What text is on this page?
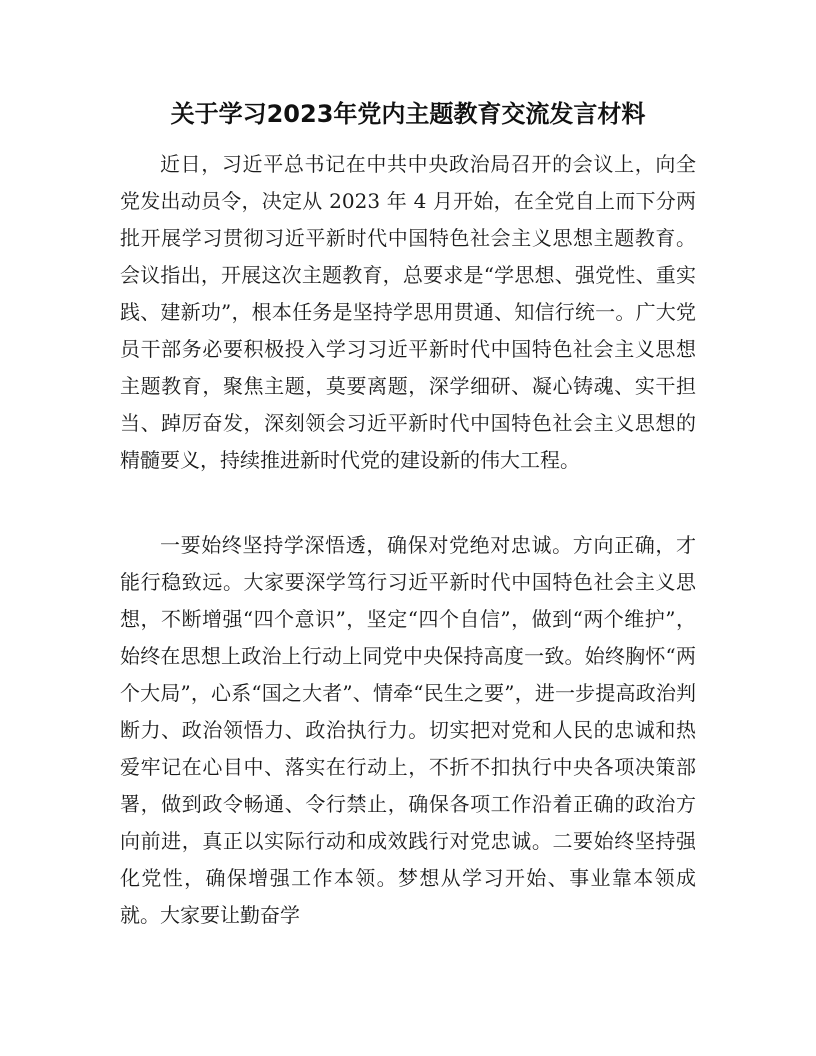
关于学习2023年党内主题教育交流发言材料

近日，习近平总书记在中共中央政治局召开的会议上，向全党发出动员令，决定从 2023 年 4 月开始，在全党自上而下分两批开展学习贯彻习近平新时代中国特色社会主义思想主题教育。会议指出，开展这次主题教育，总要求是“学思想、强党性、重实践、建新功”，根本任务是坚持学思用贯通、知信行统一。广大党员干部务必要积极投入学习习近平新时代中国特色社会主义思想主题教育，聚焦主题，莫要离题，深学细研、凝心铸魂、实干担当、踔厉奋发，深刻领会习近平新时代中国特色社会主义思想的精髓要义，持续推进新时代党的建设新的伟大工程。

一要始终坚持学深悟透，确保对党绝对忠诚。方向正确，才能行稳致远。大家要深学笃行习近平新时代中国特色社会主义思想，不断增强“四个意识”，坚定“四个自信”，做到“两个维护”，始终在思想上政治上行动上同党中央保持高度一致。始终胸怀“两个大局”，心系“国之大者”、情牵“民生之要”，进一步提高政治判断力、政治领悟力、政治执行力。切实把对党和人民的忠诚和热爱牢记在心目中、落实在行动上，不折不扣执行中央各项决策部署，做到政令畅通、令行禁止，确保各项工作沿着正确的政治方向前进，真正以实际行动和成效践行对党忠诚。二要始终坚持强化党性，确保增强工作本领。梦想从学习开始、事业靠本领成就。大家要让勤奋学
